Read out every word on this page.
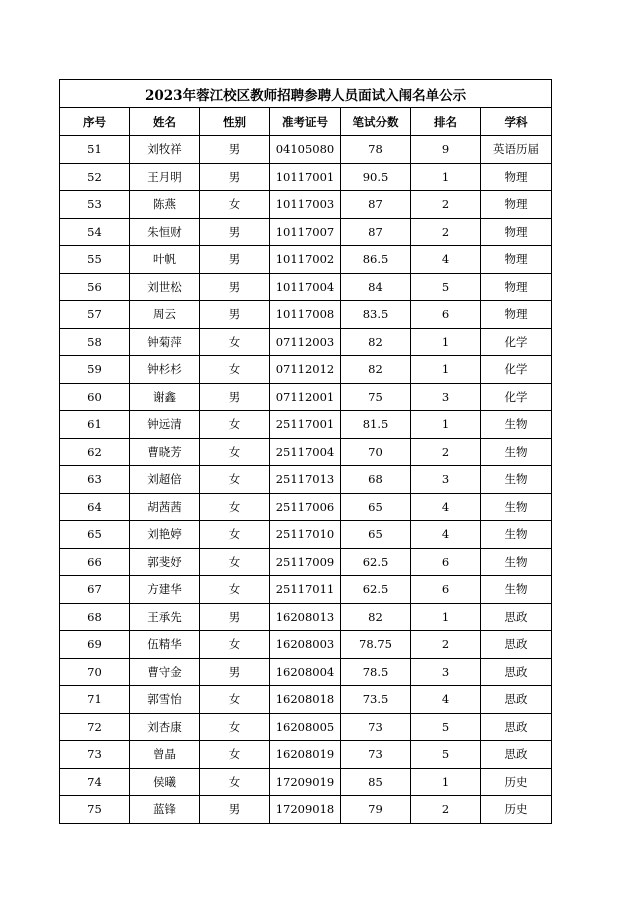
2023年蓉江校区教师招聘参聘人员面试入闱名单公示						
序号	姓名	性别	准考证号	笔试分数	排名	学科
51	刘牧祥	男	04105080	78	9	英语历届
52	王月明	男	10117001	90.5	1	物理
53	陈燕	女	10117003	87	2	物理
54	朱恒财	男	10117007	87	2	物理
55	叶帆	男	10117002	86.5	4	物理
56	刘世松	男	10117004	84	5	物理
57	周云	男	10117008	83.5	6	物理
58	钟菊萍	女	07112003	82	1	化学
59	钟杉杉	女	07112012	82	1	化学
60	谢鑫	男	07112001	75	3	化学
61	钟远清	女	25117001	81.5	1	生物
62	曹晓芳	女	25117004	70	2	生物
63	刘超倍	女	25117013	68	3	生物
64	胡茜茜	女	25117006	65	4	生物
65	刘艳婷	女	25117010	65	4	生物
66	郭斐妤	女	25117009	62.5	6	生物
67	方建华	女	25117011	62.5	6	生物
68	王承先	男	16208013	82	1	思政
69	伍精华	女	16208003	78.75	2	思政
70	曹守金	男	16208004	78.5	3	思政
71	郭雪怡	女	16208018	73.5	4	思政
72	刘杏康	女	16208005	73	5	思政
73	曾晶	女	16208019	73	5	思政
74	侯曦	女	17209019	85	1	历史
75	蓝锋	男	17209018	79	2	历史
